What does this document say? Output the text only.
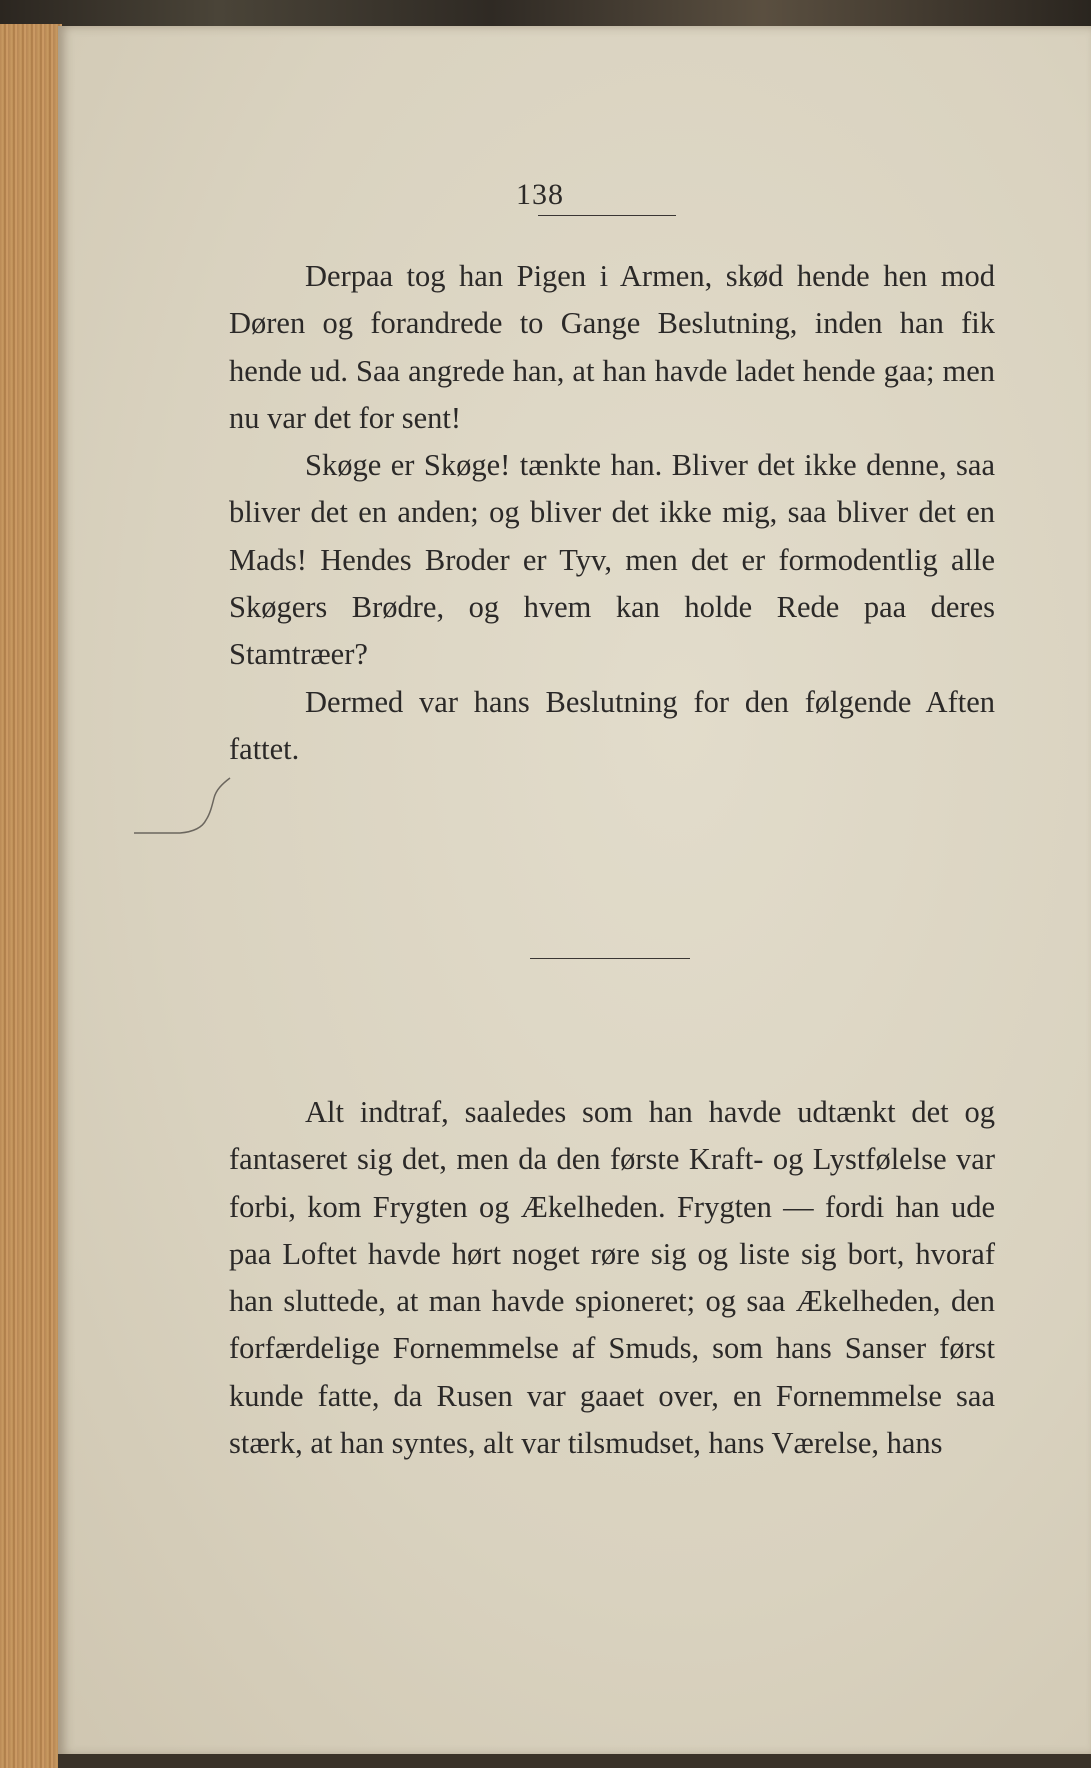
138

Derpaa tog han Pigen i Armen, skød hende hen mod Døren og forandrede to Gange Beslutning, inden han fik hende ud. Saa angrede han, at han havde ladet hende gaa; men nu var det for sent!

Skøge er Skøge! tænkte han. Bliver det ikke denne, saa bliver det en anden; og bliver det ikke mig, saa bliver det en Mads! Hendes Broder er Tyv, men det er formodentlig alle Skøgers Brødre, og hvem kan holde Rede paa deres Stamtræer?

Dermed var hans Beslutning for den følgende Aften fattet.

Alt indtraf, saaledes som han havde udtænkt det og fantaseret sig det, men da den første Kraft- og Lystfølelse var forbi, kom Frygten og Ækelheden. Frygten — fordi han ude paa Loftet havde hørt noget røre sig og liste sig bort, hvoraf han sluttede, at man havde spioneret; og saa Ækelheden, den forfærdelige Fornemmelse af Smuds, som hans Sanser først kunde fatte, da Rusen var gaaet over, en Fornemmelse saa stærk, at han syntes, alt var tilsmudset, hans Værelse, hans
